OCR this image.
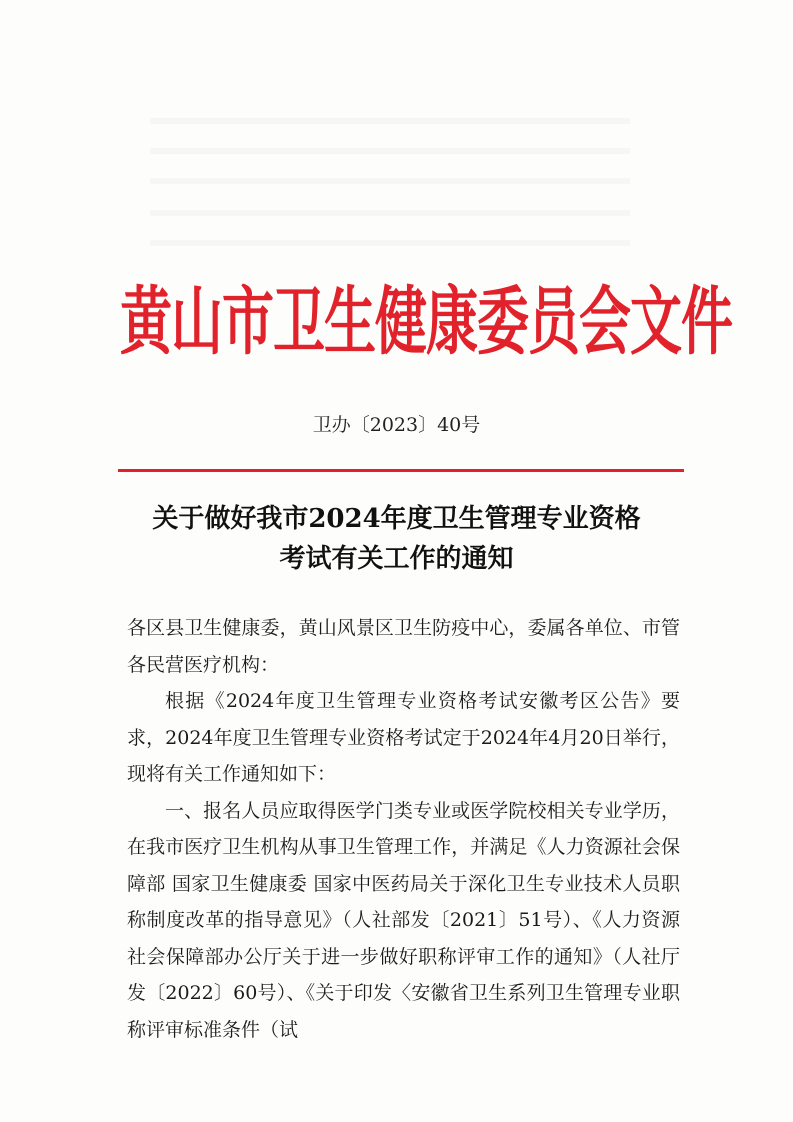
黄山市卫生健康委员会文件
卫办〔2023〕40号
关于做好我市2024年度卫生管理专业资格
考试有关工作的通知

各区县卫生健康委，黄山风景区卫生防疫中心，委属各单位、市管各民营医疗机构：

根据《2024年度卫生管理专业资格考试安徽考区公告》要求，2024年度卫生管理专业资格考试定于2024年4月20日举行，现将有关工作通知如下：

一、报名人员应取得医学门类专业或医学院校相关专业学历，在我市医疗卫生机构从事卫生管理工作，并满足《人力资源社会保障部 国家卫生健康委 国家中医药局关于深化卫生专业技术人员职称制度改革的指导意见》（人社部发〔2021〕51号）、《人力资源社会保障部办公厅关于进一步做好职称评审工作的通知》（人社厅发〔2022〕60号）、《关于印发〈安徽省卫生系列卫生管理专业职称评审标准条件（试
